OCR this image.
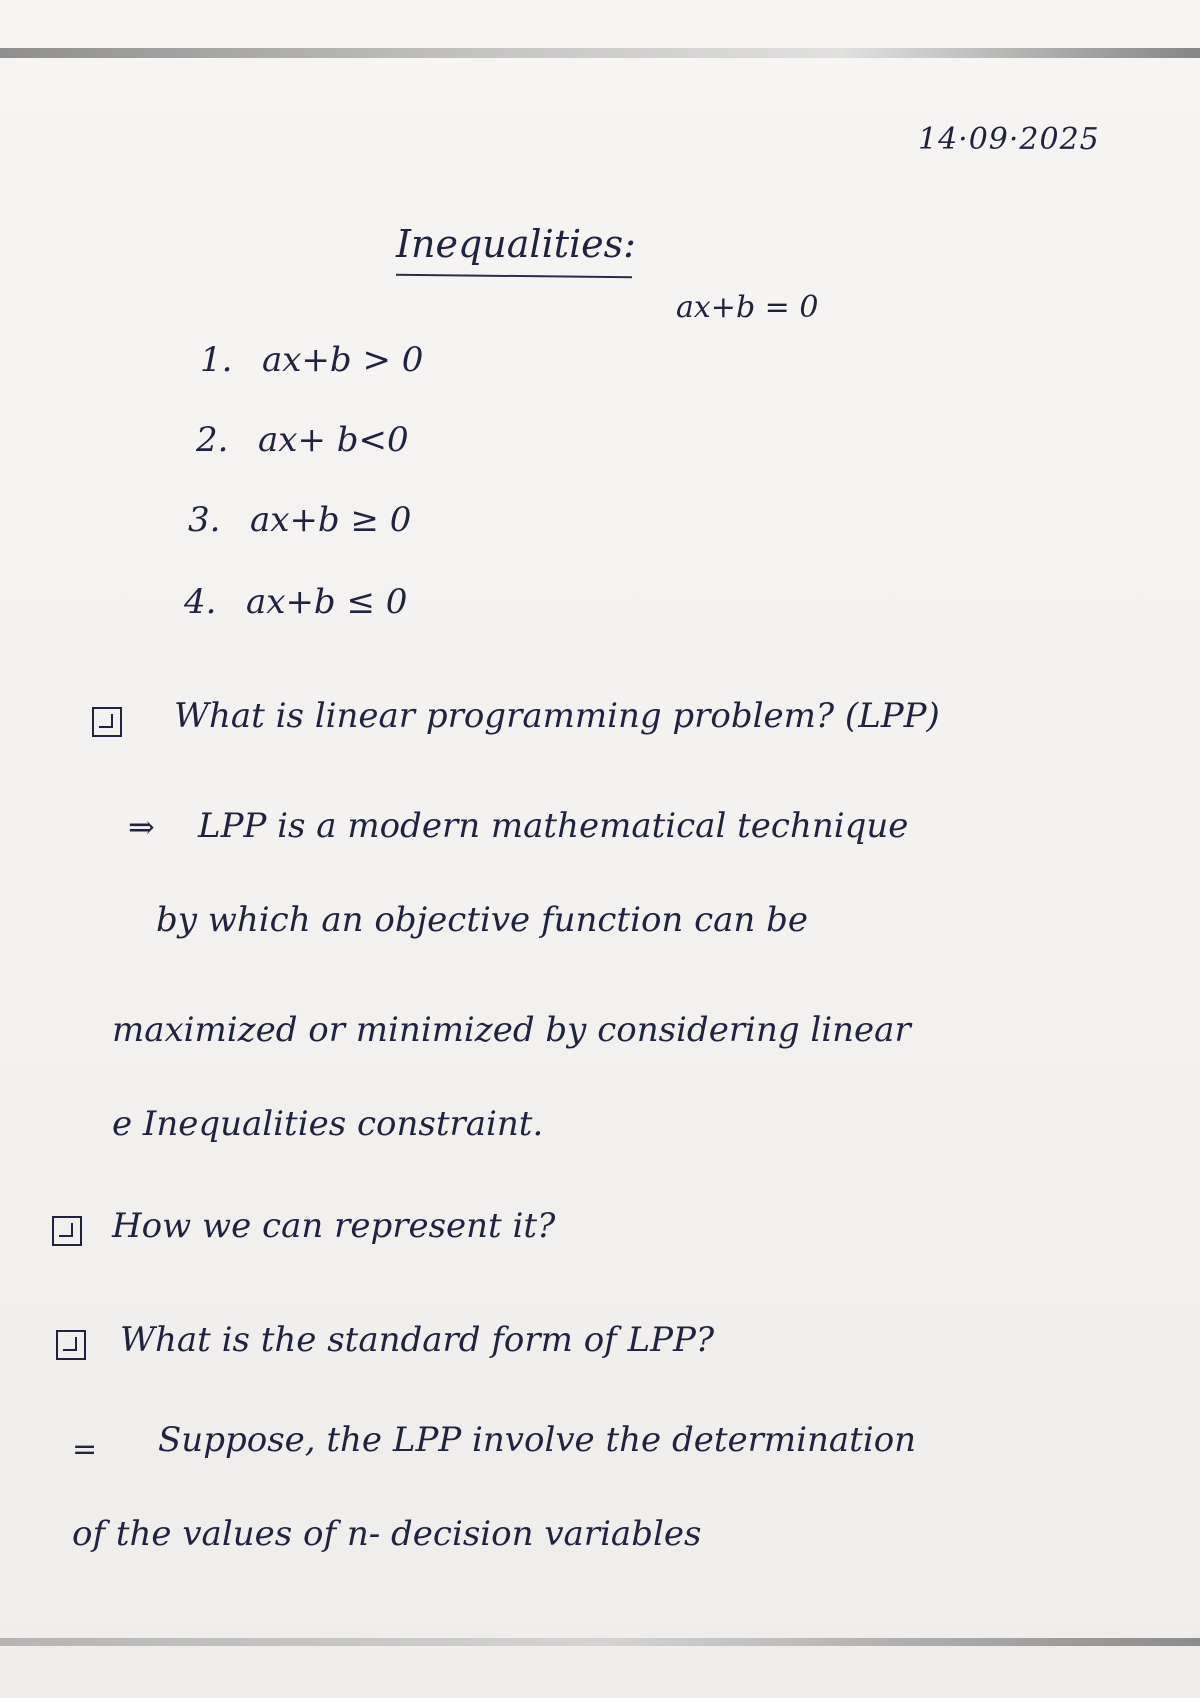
14·09·2025
Inequalities:
ax+b = 0
1. ax+b > 0
2. ax+ b<0
3. ax+b ≥ 0
4. ax+b ≤ 0
What is linear programming problem? (LPP)
⇒ LPP is a modern mathematical technique
by which an objective function can be
maximized or minimized by considering linear
e Inequalities constraint.
How we can represent it?
What is the standard form of LPP?
= Suppose, the LPP involve the determination
of the values of n- decision variables
